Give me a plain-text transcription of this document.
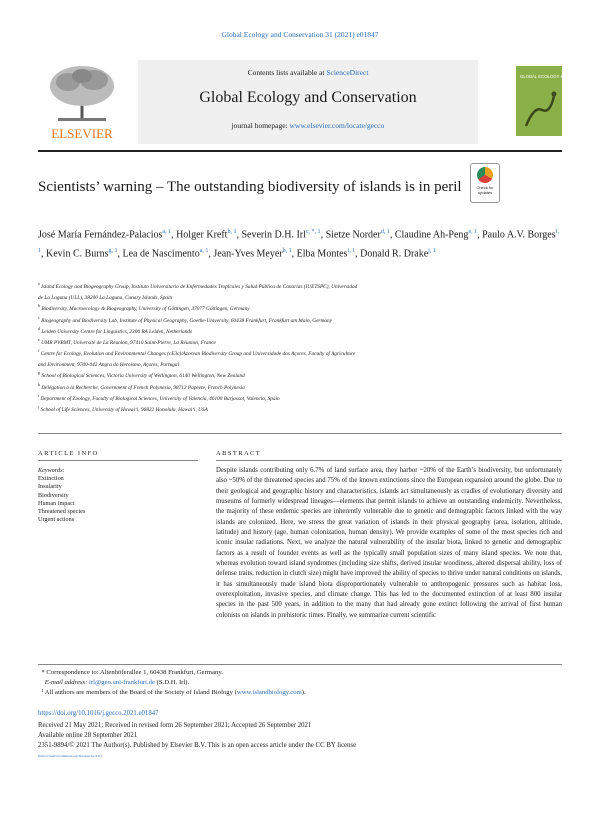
Global Ecology and Conservation 31 (2021) e01847
ELSEVIER
Contents lists available at ScienceDirect
Global Ecology and Conservation
journal homepage: www.elsevier.com/locate/gecco
GLOBAL ECOLOGY & CONSERVATION
Scientists’ warning – The outstanding biodiversity of islands is in peril	Check for updates
José María Fernández-Palacios$^{a, 1}$, Holger Kreft$^{b, 1}$, Severin D.H. Irl$^{c, *, 1}$, Sietze Norder$^{d, 1}$, Claudine Ah-Peng$^{e, 1}$, Paulo A.V. Borges$^{f, 1}$, Kevin C. Burns$^{g, 1}$, Lea de Nascimento$^{a, 1}$, Jean-Yves Meyer$^{h, 1}$, Elba Montes$^{i, 1}$, Donald R. Drake$^{j, 1}$
$^a$ Island Ecology and Biogeography Group, Instituto Universitario de Enfermedades Tropicales y Salud Pública de Canarias (IUETSPC), Universidad
de La Laguna (ULL), 38200 La Laguna, Canary Islands, Spain
$^b$ Biodiversity, Macroecology & Biogeography, University of Göttingen, 37077 Göttingen, Germany
$^c$ Biogeography and Biodiversity Lab, Institute of Physical Geography, Goethe-University, 60438 Frankfurt, Frankfurt am Main, Germany
$^d$ Leiden University Centre for Linguistics, 2300 RA Leiden, Netherlands
$^e$ UMR PVBMT, Université de La Réunion, 97410 Saint-Pierre, La Réunion, France
$^f$ Centre for Ecology, Evolution and Environmental Changes (cE3c)/Azorean Biodiversity Group and Universidade dos Açores, Faculty of Agriculture
and Environment, 9700-042 Angra do Heroísmo, Açores, Portugal
$^g$ School of Biological Sciences, Victoria University of Wellington, 6140 Wellington, New Zealand
$^h$ Délégation à la Recherche, Government of French Polynesia, 98713 Papeete, French Polynesia
$^i$ Department of Zoology, Faculty of Biological Sciences, University of Valencia, 46100 Burjassot, Valencia, Spain
$^j$ School of Life Sciences, University of Hawaiʻi, 96822 Honolulu, Hawaiʻi, USA
ARTICLE INFO	ABSTRACT
Keywords:
Extinction
Insularity
Biodiversity
Human impact
Threatened species
Urgent actions
Despite islands contributing only 6.7% of land surface area, they harbor ~20% of the Earth’s biodiversity, but unfortunately also ~50% of the threatened species and 75% of the known extinctions since the European expansion around the globe. Due to their geological and geographic history and characteristics, islands act simultaneously as cradles of evolutionary diversity and museums of formerly widespread lineages—elements that permit islands to achieve an outstanding endemicity. Nevertheless, the majority of these endemic species are inherently vulnerable due to genetic and demographic factors linked with the way islands are colonized. Here, we stress the great variation of islands in their physical geography (area, isolation, altitude, latitude) and history (age, human colonization, human density). We provide examples of some of the most species rich and iconic insular radiations. Next, we analyze the natural vulnerability of the insular biota, linked to genetic and demographic factors as a result of founder events as well as the typically small population sizes of many island species. We note that, whereas evolution toward island syndromes (including size shifts, derived insular woodiness, altered dispersal ability, loss of defense traits, reduction in clutch size) might have improved the ability of species to thrive under natural conditions on islands, it has simultaneously made island biota disproportionately vulnerable to anthropogenic pressures such as habitat loss, overexploitation, invasive species, and climate change. This has led to the documented extinction of at least 800 insular species in the past 500 years, in addition to the many that had already gone extinct following the arrival of first human colonists on islands in prehistoric times. Finally, we summarize current scientific
* Correspondence to: Altenhöferallee 1, 60438 Frankfurt, Germany.
E-mail address: irl@geo.uni-frankfurt.de (S.D.H. Irl).
¹ All authors are members of the Board of the Society of Island Biology (www.islandbiology.com).
https://doi.org/10.1016/j.gecco.2021.e01847
Received 21 May 2021; Received in revised form 26 September 2021; Accepted 26 September 2021
Available online 28 September 2021
2351-9894/© 2021 The Author(s). Published by Elsevier B.V. This is an open access article under the CC BY license
(http://creativecommons.org/licenses/by/4.0/).
